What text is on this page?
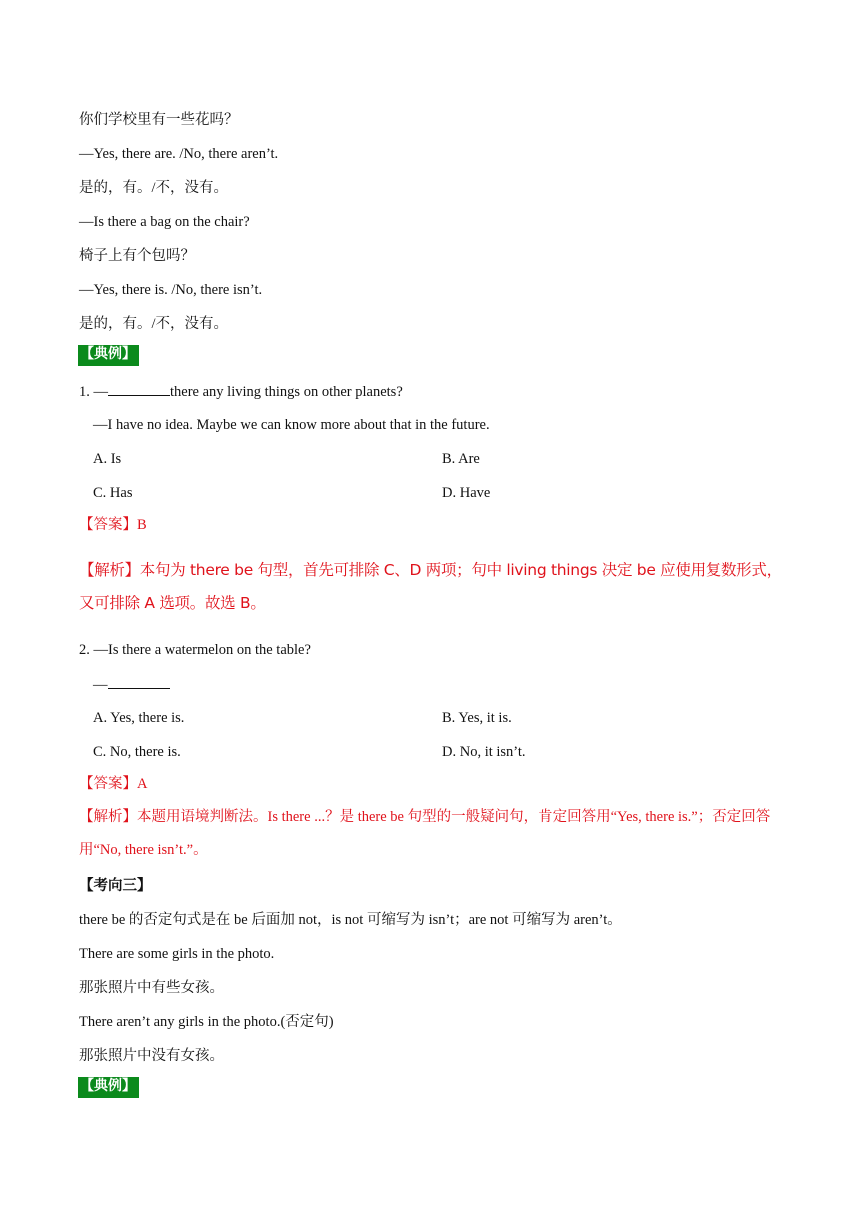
你们学校里有一些花吗？
—Yes, there are. /No, there aren’t.
是的，有。/不，没有。
—Is there a bag on the chair?
椅子上有个包吗？
—Yes, there is. /No, there isn’t.
是的，有。/不，没有。
【典例】
1. —	there any living things on other planets?
—I have no idea. Maybe we can know more about that in the future.
A. Is	B. Are
C. Has	D. Have
【答案】B
【解析】本句为 there be 句型，首先可排除 C、D 两项；句中 living things 决定 be 应使用复数形式，又可排除 A 选项。故选 B。
2. —Is there a watermelon on the table?
—
A. Yes, there is.	B. Yes, it is.
C. No, there is.	D. No, it isn’t.
【答案】A
【解析】本题用语境判断法。Is there ...？是 there be 句型的一般疑问句，肯定回答用“Yes, there is.”；否定回答用“No, there isn’t.”。
【考向三】
there be 的否定句式是在 be 后面加 not，is not 可缩写为 isn’t；are not 可缩写为 aren’t。
There are some girls in the photo.
那张照片中有些女孩。
There aren’t any girls in the photo.(否定句)
那张照片中没有女孩。
【典例】
